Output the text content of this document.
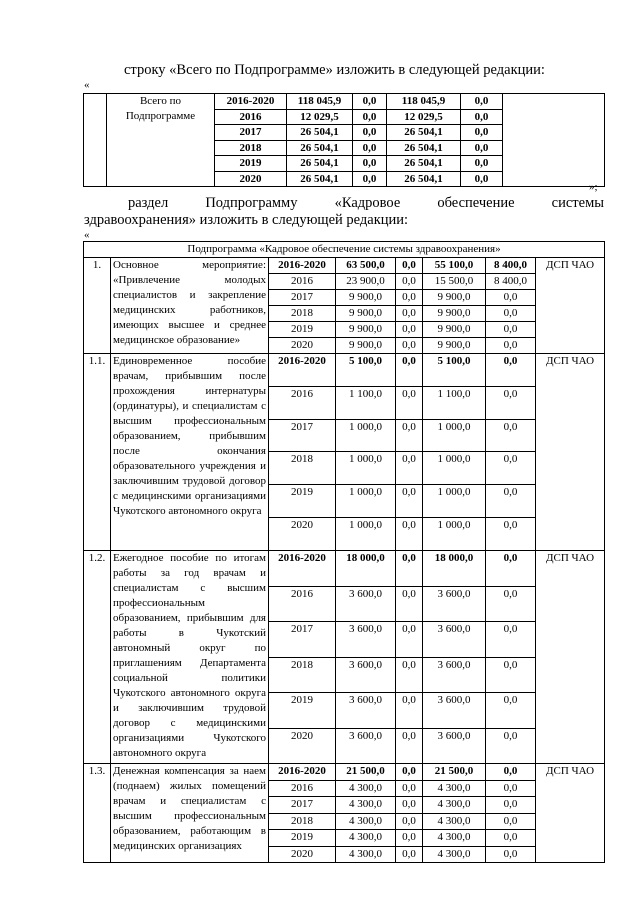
строку «Всего по Подпрограмме» изложить в следующей редакции:
«
	Всего по Подпрограмме	2016-2020	118 045,9	0,0	118 045,9	0,0	
		2016	12 029,5	0,0	12 029,5	0,0	
		2017	26 504,1	0,0	26 504,1	0,0	
		2018	26 504,1	0,0	26 504,1	0,0	
		2019	26 504,1	0,0	26 504,1	0,0	
		2020	26 504,1	0,0	26 504,1	0,0	
»;
раздел	Подпрограмму	«Кадровое	обеспечение	системы
здравоохранения» изложить в следующей редакции:
«
Подпрограмма «Кадровое обеспечение системы здравоохранения»							
1.	Основное мероприятие: «Привлечение молодых специалистов и закрепление медицинских работников, имеющих высшее и среднее медицинское образование»	2016-2020	63 500,0	0,0	55 100,0	8 400,0	ДСП ЧАО
		2016	23 900,0	0,0	15 500,0	8 400,0	
		2017	9 900,0	0,0	9 900,0	0,0	
		2018	9 900,0	0,0	9 900,0	0,0	
		2019	9 900,0	0,0	9 900,0	0,0	
		2020	9 900,0	0,0	9 900,0	0,0	
1.1.	Единовременное пособие врачам, прибывшим после прохождения интернатуры (ординатуры), и специалистам с высшим профессиональным образованием, прибывшим после окончания образовательного учреждения и заключившим трудовой договор с медицинскими организациями Чукотского автономного округа	2016-2020	5 100,0	0,0	5 100,0	0,0	ДСП ЧАО
		2016	1 100,0	0,0	1 100,0	0,0	
		2017	1 000,0	0,0	1 000,0	0,0	
		2018	1 000,0	0,0	1 000,0	0,0	
		2019	1 000,0	0,0	1 000,0	0,0	
		2020	1 000,0	0,0	1 000,0	0,0	
1.2.	Ежегодное пособие по итогам работы за год врачам и специалистам с высшим профессиональным образованием, прибывшим для работы в Чукотский автономный округ по приглашениям Департамента социальной политики Чукотского автономного округа и заключившим трудовой договор с медицинскими организациями Чукотского автономного округа	2016-2020	18 000,0	0,0	18 000,0	0,0	ДСП ЧАО
		2016	3 600,0	0,0	3 600,0	0,0	
		2017	3 600,0	0,0	3 600,0	0,0	
		2018	3 600,0	0,0	3 600,0	0,0	
		2019	3 600,0	0,0	3 600,0	0,0	
		2020	3 600,0	0,0	3 600,0	0,0	
1.3.	Денежная компенсация за наем (поднаем) жилых помещений врачам и специалистам с высшим профессиональным образованием, работающим в медицинских организациях	2016-2020	21 500,0	0,0	21 500,0	0,0	ДСП ЧАО
		2016	4 300,0	0,0	4 300,0	0,0	
		2017	4 300,0	0,0	4 300,0	0,0	
		2018	4 300,0	0,0	4 300,0	0,0	
		2019	4 300,0	0,0	4 300,0	0,0	
		2020	4 300,0	0,0	4 300,0	0,0	
